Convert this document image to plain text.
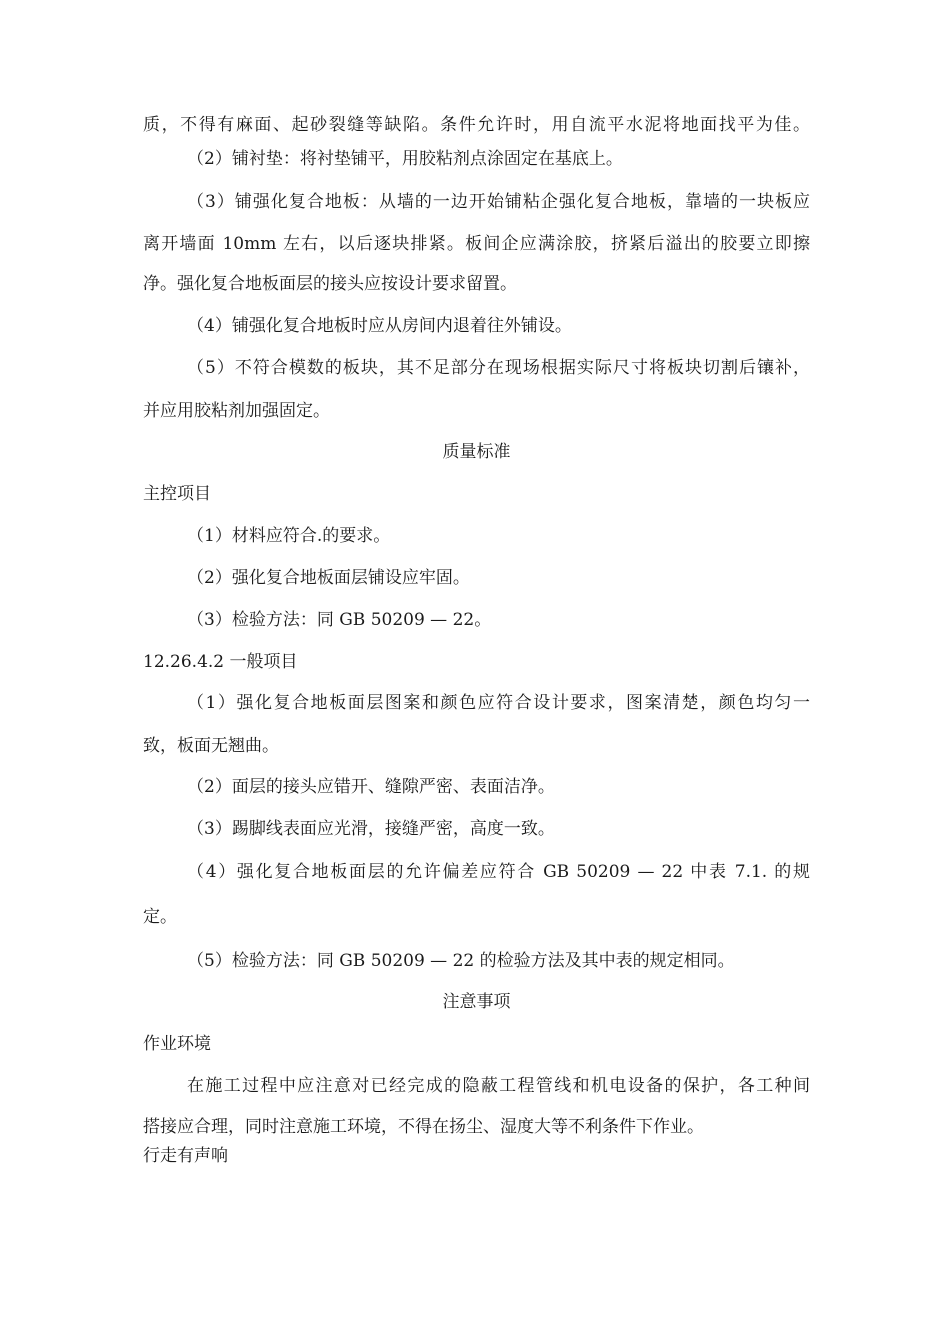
质，不得有麻面、起砂裂缝等缺陷。条件允许时，用自流平水泥将地面找平为佳。

（2）铺衬垫：将衬垫铺平，用胶粘剂点涂固定在基底上。

（3）铺强化复合地板：从墙的一边开始铺粘企强化复合地板，靠墙的一块板应

离开墙面 10mm 左右，以后逐块排紧。板间企应满涂胶，挤紧后溢出的胶要立即擦

净。强化复合地板面层的接头应按设计要求留置。

（4）铺强化复合地板时应从房间内退着往外铺设。

（5）不符合模数的板块，其不足部分在现场根据实际尺寸将板块切割后镶补，

并应用胶粘剂加强固定。

质量标准

主控项目

（1）材料应符合.的要求。

（2）强化复合地板面层铺设应牢固。

（3）检验方法：同 GB 50209 — 22。

12.26.4.2 一般项目

（1）强化复合地板面层图案和颜色应符合设计要求，图案清楚，颜色均匀一

致，板面无翘曲。

（2）面层的接头应错开、缝隙严密、表面洁净。

（3）踢脚线表面应光滑，接缝严密，高度一致。

（4）强化复合地板面层的允许偏差应符合 GB 50209 — 22 中表 7.1. 的规

定。

（5）检验方法：同 GB 50209 — 22 的检验方法及其中表的规定相同。

注意事项

作业环境

在施工过程中应注意对已经完成的隐蔽工程管线和机电设备的保护，各工种间

搭接应合理，同时注意施工环境，不得在扬尘、湿度大等不利条件下作业。

行走有声响
